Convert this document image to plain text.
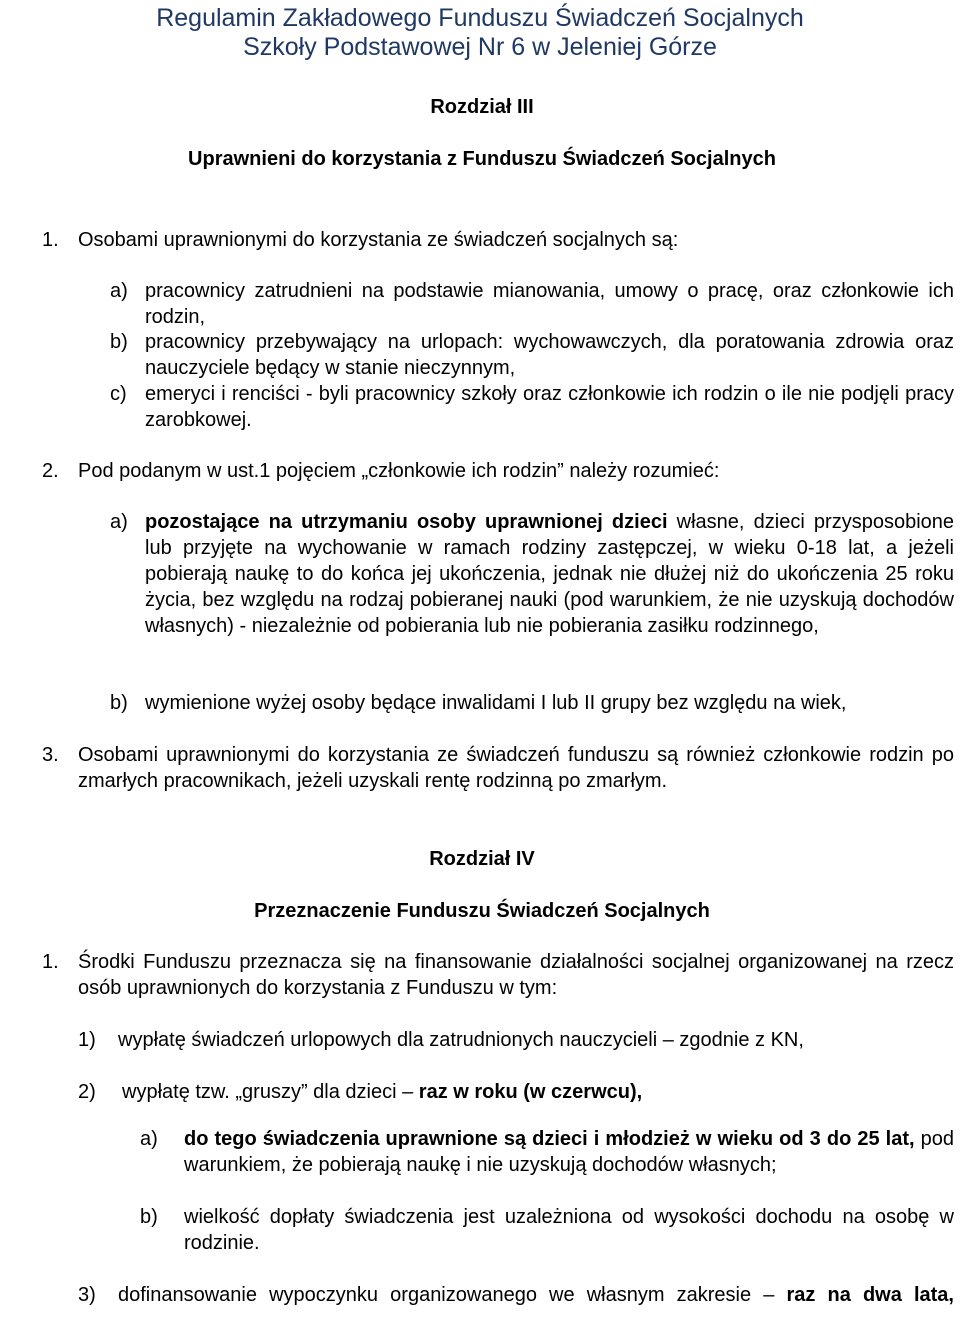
Regulamin Zakładowego Funduszu Świadczeń Socjalnych
Szkoły Podstawowej Nr 6 w Jeleniej Górze
Rozdział III
Uprawnieni do korzystania z Funduszu Świadczeń Socjalnych
1. Osobami uprawnionymi do korzystania ze świadczeń socjalnych są:
a) pracownicy zatrudnieni na podstawie mianowania, umowy o pracę, oraz członkowie ich rodzin,
b) pracownicy przebywający na urlopach: wychowawczych, dla poratowania zdrowia oraz nauczyciele będący w stanie nieczynnym,
c) emeryci i renciści - byli pracownicy szkoły oraz członkowie ich rodzin o ile nie podjęli pracy zarobkowej.
2. Pod podanym w ust.1 pojęciem „członkowie ich rodzin” należy rozumieć:
a) pozostające na utrzymaniu osoby uprawnionej dzieci własne, dzieci przysposobione lub przyjęte na wychowanie w ramach rodziny zastępczej, w wieku 0-18 lat, a jeżeli pobierają naukę to do końca jej ukończenia, jednak nie dłużej niż do ukończenia 25 roku życia, bez względu na rodzaj pobieranej nauki (pod warunkiem, że nie uzyskują dochodów własnych) - niezależnie od pobierania lub nie pobierania zasiłku rodzinnego,
b) wymienione wyżej osoby będące inwalidami I lub II grupy bez względu na wiek,
3. Osobami uprawnionymi do korzystania ze świadczeń funduszu są również członkowie rodzin po zmarłych pracownikach, jeżeli uzyskali rentę rodzinną po zmarłym.
Rozdział IV
Przeznaczenie Funduszu Świadczeń Socjalnych
1. Środki Funduszu przeznacza się na finansowanie działalności socjalnej organizowanej na rzecz osób uprawnionych do korzystania z Funduszu w tym:
1) wypłatę świadczeń urlopowych dla zatrudnionych nauczycieli – zgodnie z KN,
2) wypłatę tzw. „gruszy” dla dzieci – raz w roku (w czerwcu),
a) do tego świadczenia uprawnione są dzieci i młodzież w wieku od 3 do 25 lat, pod warunkiem, że pobierają naukę i nie uzyskują dochodów własnych;
b) wielkość dopłaty świadczenia jest uzależniona od wysokości dochodu na osobę w rodzinie.
3) dofinansowanie wypoczynku organizowanego we własnym zakresie – raz na dwa lata,
